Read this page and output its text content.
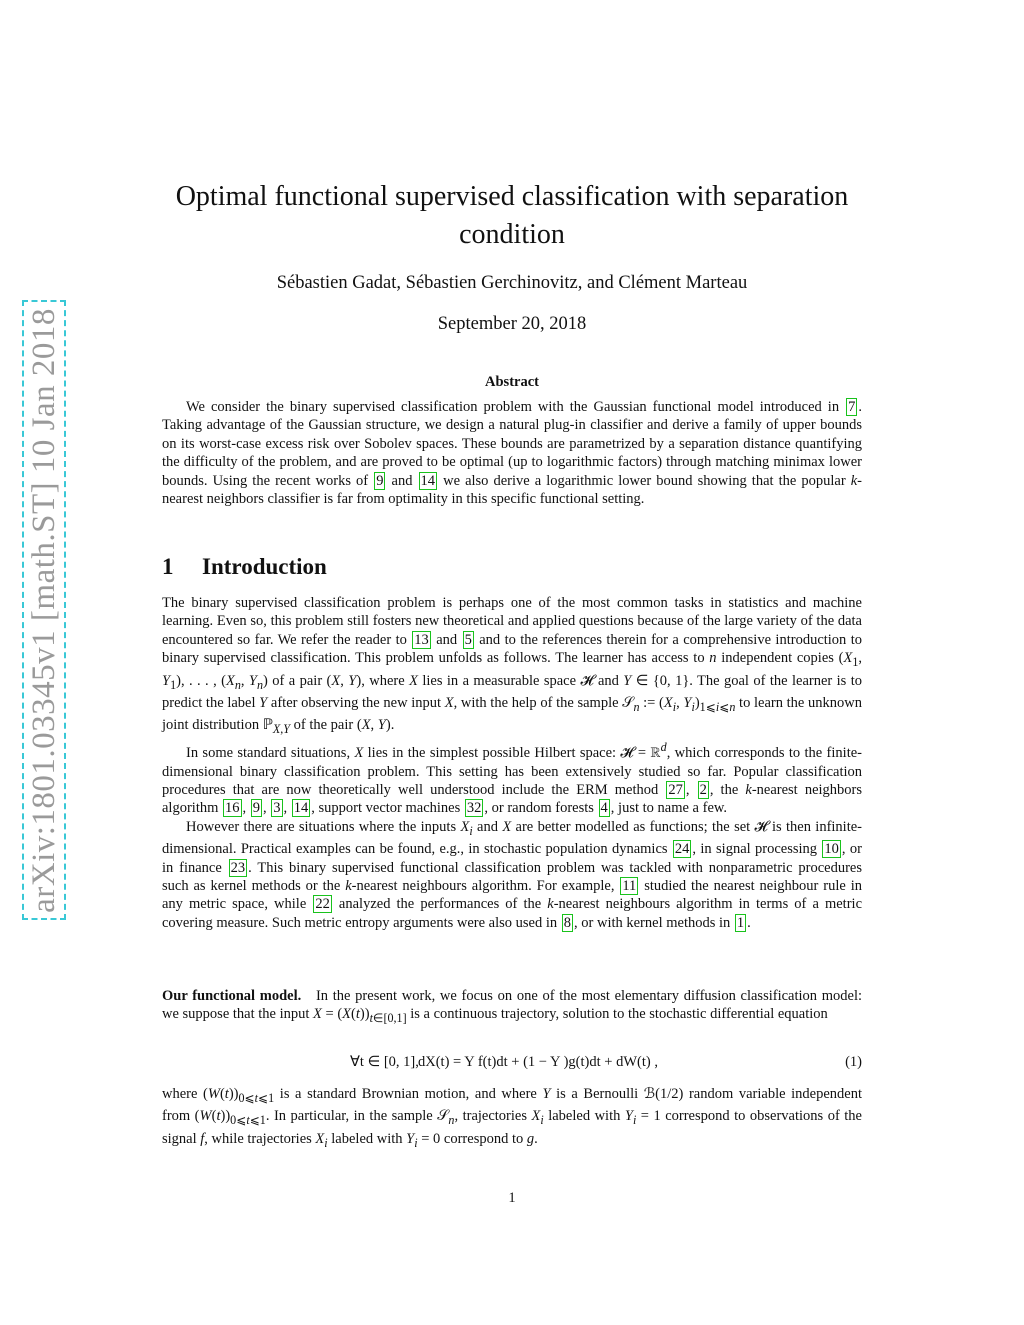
arXiv:1801.03345v1 [math.ST] 10 Jan 2018
Optimal functional supervised classification with separation
condition
Sébastien Gadat, Sébastien Gerchinovitz, and Clément Marteau
September 20, 2018
Abstract

We consider the binary supervised classification problem with the Gaussian functional model introduced in 7 . Taking advantage of the Gaussian structure, we design a natural plug-in classifier and derive a family of upper bounds on its worst-case excess risk over Sobolev spaces. These bounds are parametrized by a separation distance quantifying the difficulty of the problem, and are proved to be optimal (up to logarithmic factors) through matching minimax lower bounds. Using the recent works of 9 and 14 we also derive a logarithmic lower bound showing that the popular k-nearest neighbors classifier is far from optimality in this specific functional setting.

1 Introduction

The binary supervised classification problem is perhaps one of the most common tasks in statistics and machine learning. Even so, this problem still fosters new theoretical and applied questions because of the large variety of the data encountered so far. We refer the reader to 13 and 5 and to the references therein for a comprehensive introduction to binary supervised classification. This problem unfolds as follows. The learner has access to n independent copies ($X_1$, $Y_1$), . . . , ($X_n$, $Y_n$) of a pair (X, Y), where X lies in a measurable space 𝓗 and Y ∈ {0, 1}. The goal of the learner is to predict the label Y after observing the new input X, with the help of the sample 𝒮$_n$ := ($X_i$, $Y_i)_{1⩽i⩽n}$ to learn the unknown joint distribution ℙ$_{X,Y}$ of the pair (X, Y).

In some standard situations, X lies in the simplest possible Hilbert space: 𝓗 = ℝ$^d$, which corresponds to the finite-dimensional binary classification problem. This setting has been extensively studied so far. Popular classification procedures that are now theoretically well understood include the ERM method 27 , 2 , the k-nearest neighbors algorithm 16 , 9 , 3 , 14 , support vector machines 32 , or random forests 4 , just to name a few.

However there are situations where the inputs $X_i$ and X are better modelled as functions; the set 𝓗 is then infinite-dimensional. Practical examples can be found, e.g., in stochastic population dynamics 24 , in signal processing 10 , or in finance 23 . This binary supervised functional classification problem was tackled with nonparametric procedures such as kernel methods or the k-nearest neighbours algorithm. For example, 11 studied the nearest neighbour rule in any metric space, while 22 analyzed the performances of the k-nearest neighbours algorithm in terms of a metric covering measure. Such metric entropy arguments were also used in 8 , or with kernel methods in 1 .

Our functional model. In the present work, we focus on one of the most elementary diffusion classification model: we suppose that the input $X = (X(t))_{t\in[0,1]}$ is a continuous trajectory, solution to the stochastic differential equation

∀t ∈ [0, 1], dX(t) = Y f(t)dt + (1 − Y )g(t)dt + dW(t) ,	(1)

where $(W(t))_{0⩽t⩽1}$ is a standard Brownian motion, and where Y is a Bernoulli ℬ(1/2) random variable independent from $(W(t))_{0⩽t⩽1}$. In particular, in the sample 𝒮$_n$, trajectories $X_i$ labeled with $Y_i = 1$ correspond to observations of the signal f, while trajectories $X_i$ labeled with $Y_i = 0$ correspond to g.

1
